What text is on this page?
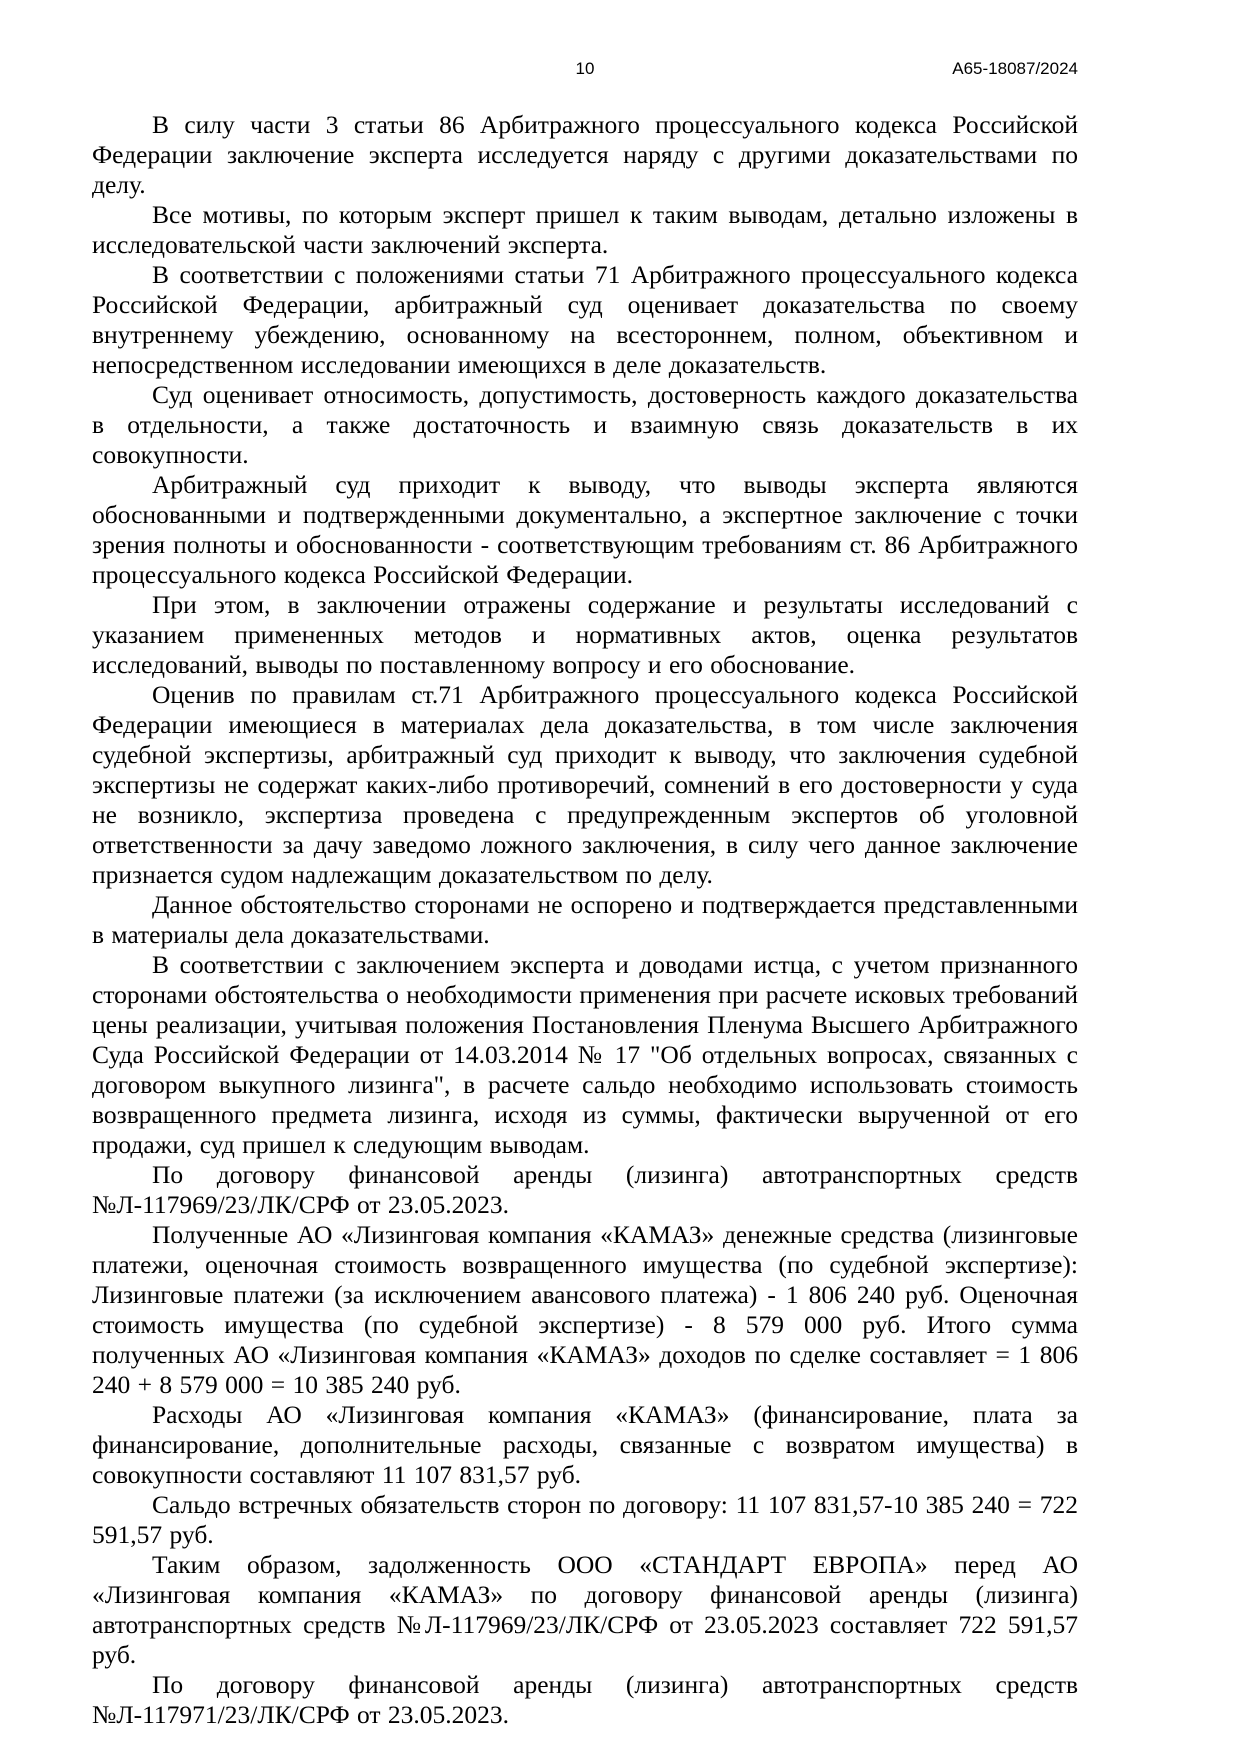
10	А65-18087/2024

В силу части 3 статьи 86 Арбитражного процессуального кодекса Российской Федерации заключение эксперта исследуется наряду с другими доказательствами по делу.

Все мотивы, по которым эксперт пришел к таким выводам, детально изложены в исследовательской части заключений эксперта.

В соответствии с положениями статьи 71 Арбитражного процессуального кодекса Российской Федерации, арбитражный суд оценивает доказательства по своему внутреннему убеждению, основанному на всестороннем, полном, объективном и непосредственном исследовании имеющихся в деле доказательств.

Суд оценивает относимость, допустимость, достоверность каждого доказательства в отдельности, а также достаточность и взаимную связь доказательств в их совокупности.

Арбитражный суд приходит к выводу, что выводы эксперта являются обоснованными и подтвержденными документально, а экспертное заключение с точки зрения полноты и обоснованности - соответствующим требованиям ст. 86 Арбитражного процессуального кодекса Российской Федерации.

При этом, в заключении отражены содержание и результаты исследований с указанием примененных методов и нормативных актов, оценка результатов исследований, выводы по поставленному вопросу и его обоснование.

Оценив по правилам ст.71 Арбитражного процессуального кодекса Российской Федерации имеющиеся в материалах дела доказательства, в том числе заключения судебной экспертизы, арбитражный суд приходит к выводу, что заключения судебной экспертизы не содержат каких-либо противоречий, сомнений в его достоверности у суда не возникло, экспертиза проведена с предупрежденным экспертов об уголовной ответственности за дачу заведомо ложного заключения, в силу чего данное заключение признается судом надлежащим доказательством по делу.

Данное обстоятельство сторонами не оспорено и подтверждается представленными в материалы дела доказательствами.

В соответствии с заключением эксперта и доводами истца, с учетом признанного сторонами обстоятельства о необходимости применения при расчете исковых требований цены реализации, учитывая положения Постановления Пленума Высшего Арбитражного Суда Российской Федерации от 14.03.2014 № 17 "Об отдельных вопросах, связанных с договором выкупного лизинга", в расчете сальдо необходимо использовать стоимость возвращенного предмета лизинга, исходя из суммы, фактически вырученной от его продажи, суд пришел к следующим выводам.

По договору финансовой аренды (лизинга) автотранспортных средств №Л-117969/23/ЛК/СРФ от 23.05.2023.

Полученные АО «Лизинговая компания «КАМАЗ» денежные средства (лизинговые платежи, оценочная стоимость возвращенного имущества (по судебной экспертизе): Лизинговые платежи (за исключением авансового платежа) - 1 806 240 руб. Оценочная стоимость имущества (по судебной экспертизе) - 8 579 000 руб. Итого сумма полученных АО «Лизинговая компания «КАМАЗ» доходов по сделке составляет = 1 806 240 + 8 579 000 = 10 385 240 руб.

Расходы АО «Лизинговая компания «КАМАЗ» (финансирование, плата за финансирование, дополнительные расходы, связанные с возвратом имущества) в совокупности составляют 11 107 831,57 руб.

Сальдо встречных обязательств сторон по договору: 11 107 831,57-10 385 240 = 722 591,57 руб.

Таким образом, задолженность ООО «СТАНДАРТ ЕВРОПА» перед АО «Лизинговая компания «КАМАЗ» по договору финансовой аренды (лизинга) автотранспортных средств №Л-117969/23/ЛК/СРФ от 23.05.2023 составляет 722 591,57 руб.

По договору финансовой аренды (лизинга) автотранспортных средств №Л-117971/23/ЛК/СРФ от 23.05.2023.
